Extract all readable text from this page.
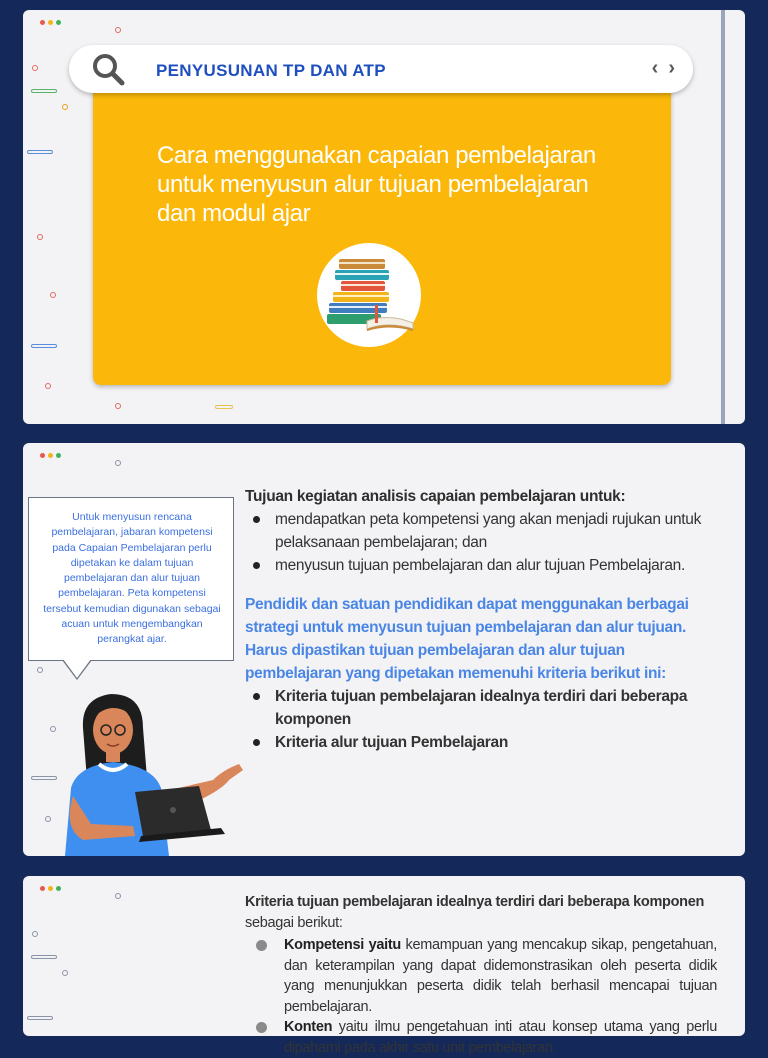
Cara menggunakan capaian pembelajaran
untuk menyusun alur tujuan pembelajaran
dan modul ajar
PENYUSUNAN TP DAN ATP	‹ ›
Untuk menyusun rencana pembelajaran, jabaran kompetensi pada Capaian Pembelajaran perlu dipetakan ke dalam tujuan pembelajaran dan alur tujuan pembelajaran. Peta kompetensi tersebut kemudian digunakan sebagai acuan untuk mengembangkan perangkat ajar.
Tujuan kegiatan analisis capaian pembelajaran untuk:
mendapatkan peta kompetensi yang akan menjadi rujukan untuk pelaksanaan pembelajaran; dan
menyusun tujuan pembelajaran dan alur tujuan Pembelajaran.
Pendidik dan satuan pendidikan dapat menggunakan berbagai strategi untuk menyusun tujuan pembelajaran dan alur tujuan. Harus dipastikan tujuan pembelajaran dan alur tujuan pembelajaran yang dipetakan memenuhi kriteria berikut ini:
Kriteria tujuan pembelajaran idealnya terdiri dari beberapa komponen
Kriteria alur tujuan Pembelajaran
Kriteria tujuan pembelajaran idealnya terdiri dari beberapa komponen
sebagai berikut:
Kompetensi yaitu kemampuan yang mencakup sikap, pengetahuan, dan keterampilan yang dapat didemonstrasikan oleh peserta didik yang menunjukkan peserta didik telah berhasil mencapai tujuan pembelajaran.
Konten yaitu ilmu pengetahuan inti atau konsep utama yang perlu dipahami pada akhir satu unit pembelajaran.
